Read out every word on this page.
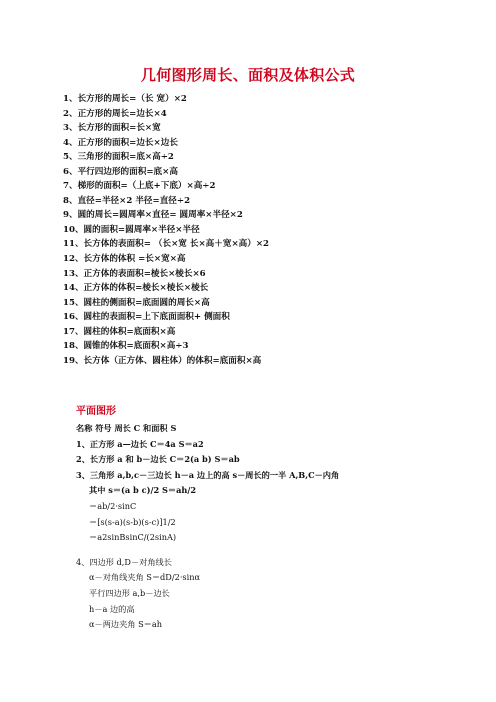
几何图形周长、面积及体积公式
1、长方形的周长=（长 宽）×2
2、正方形的周长=边长×4
3、长方形的面积=长×宽
4、正方形的面积=边长×边长
5、三角形的面积=底×高÷2
6、平行四边形的面积=底×高
7、梯形的面积=（上底+下底）×高÷2
8、直径=半径×2 半径=直径÷2
9、圆的周长=圆周率×直径= 圆周率×半径×2
10、圆的面积=圆周率×半径×半径
11、长方体的表面积= （长×宽 长×高＋宽×高）×2
12、长方体的体积 =长×宽×高
13、正方体的表面积=棱长×棱长×6
14、正方体的体积=棱长×棱长×棱长
15、圆柱的侧面积=底面圆的周长×高
16、圆柱的表面积=上下底面面积+ 侧面积
17、圆柱的体积=底面积×高
18、圆锥的体积=底面积×高÷3
19、长方体（正方体、圆柱体）的体积=底面积×高
平面图形
名称 符号 周长 C 和面积 S
1、正方形 a—边长 C＝4a S＝a2
2、长方形 a 和 b－边长 C＝2(a b) S＝ab
3、三角形 a,b,c－三边长 h－a 边上的高 s－周长的一半 A,B,C－内角
其中 s＝(a b c)/2 S＝ah/2
＝ab/2·sinC
＝[s(s-a)(s-b)(s-c)]1/2
＝a2sinBsinC/(2sinA)
4、四边形 d,D－对角线长
α－对角线夹角 S＝dD/2·sinα
平行四边形 a,b－边长
h－a 边的高
α－两边夹角 S＝ah
